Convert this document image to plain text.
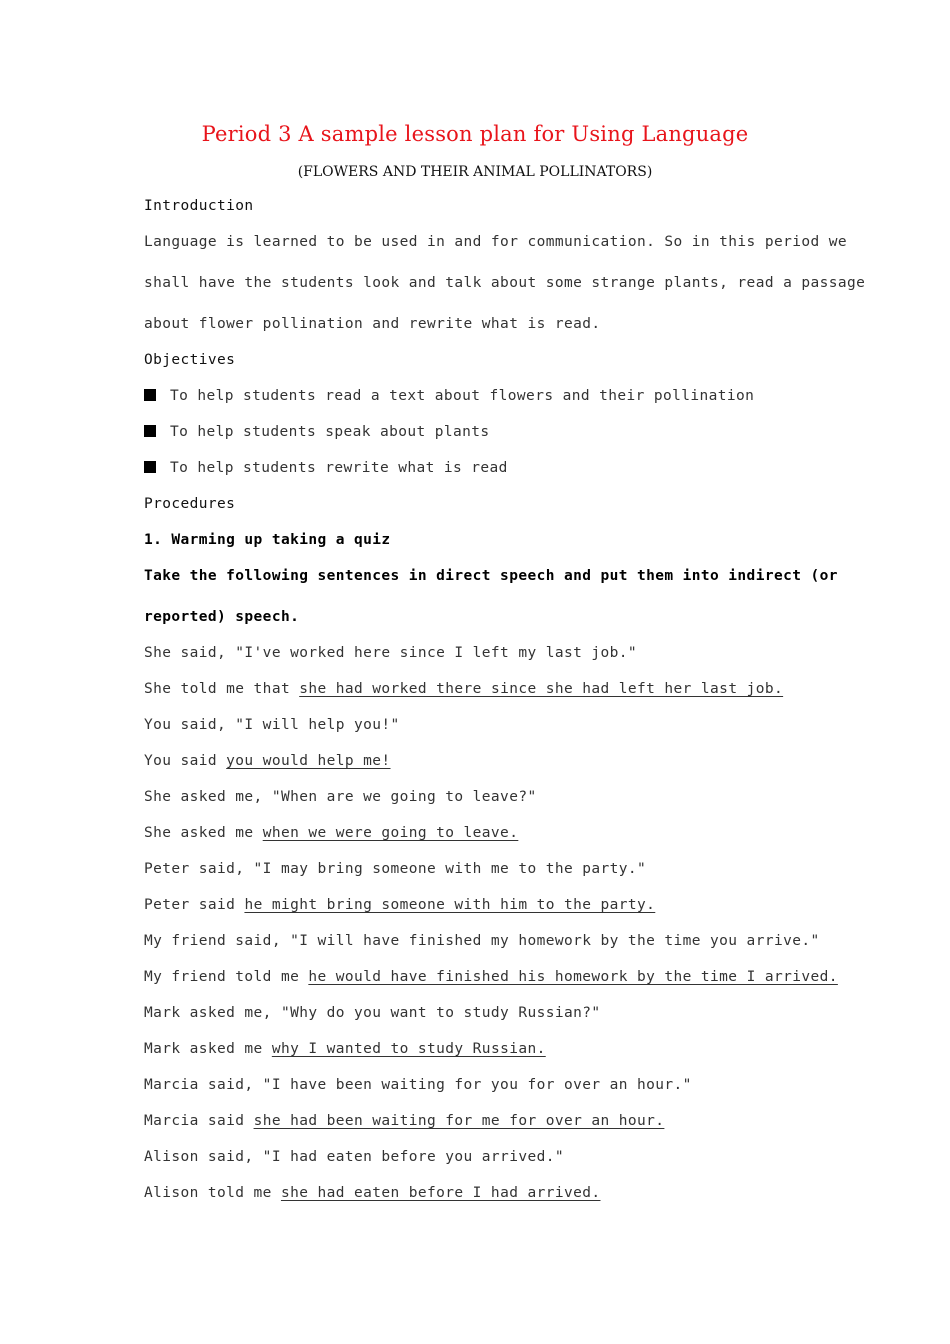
Period 3 A sample lesson plan for Using Language
(FLOWERS AND THEIR ANIMAL POLLINATORS)
Introduction
Language is learned to be used in and for communication. So in this period we
shall have the students look and talk about some strange plants, read a passage
about flower pollination and rewrite what is read.
Objectives
To help students read a text about flowers and their pollination
To help students speak about plants
To help students rewrite what is read
Procedures
1. Warming up taking a quiz
Take the following sentences in direct speech and put them into indirect (or
reported) speech.
She said, "I've worked here since I left my last job."
She told me that she had worked there since she had left her last job.
You said, "I will help you!"
You said you would help me!
She asked me, "When are we going to leave?"
She asked me when we were going to leave.
Peter said, "I may bring someone with me to the party."
Peter said he might bring someone with him to the party.
My friend said, "I will have finished my homework by the time you arrive."
My friend told me he would have finished his homework by the time I arrived.
Mark asked me, "Why do you want to study Russian?"
Mark asked me why I wanted to study Russian.
Marcia said, "I have been waiting for you for over an hour."
Marcia said she had been waiting for me for over an hour.
Alison said, "I had eaten before you arrived."
Alison told me she had eaten before I had arrived.
